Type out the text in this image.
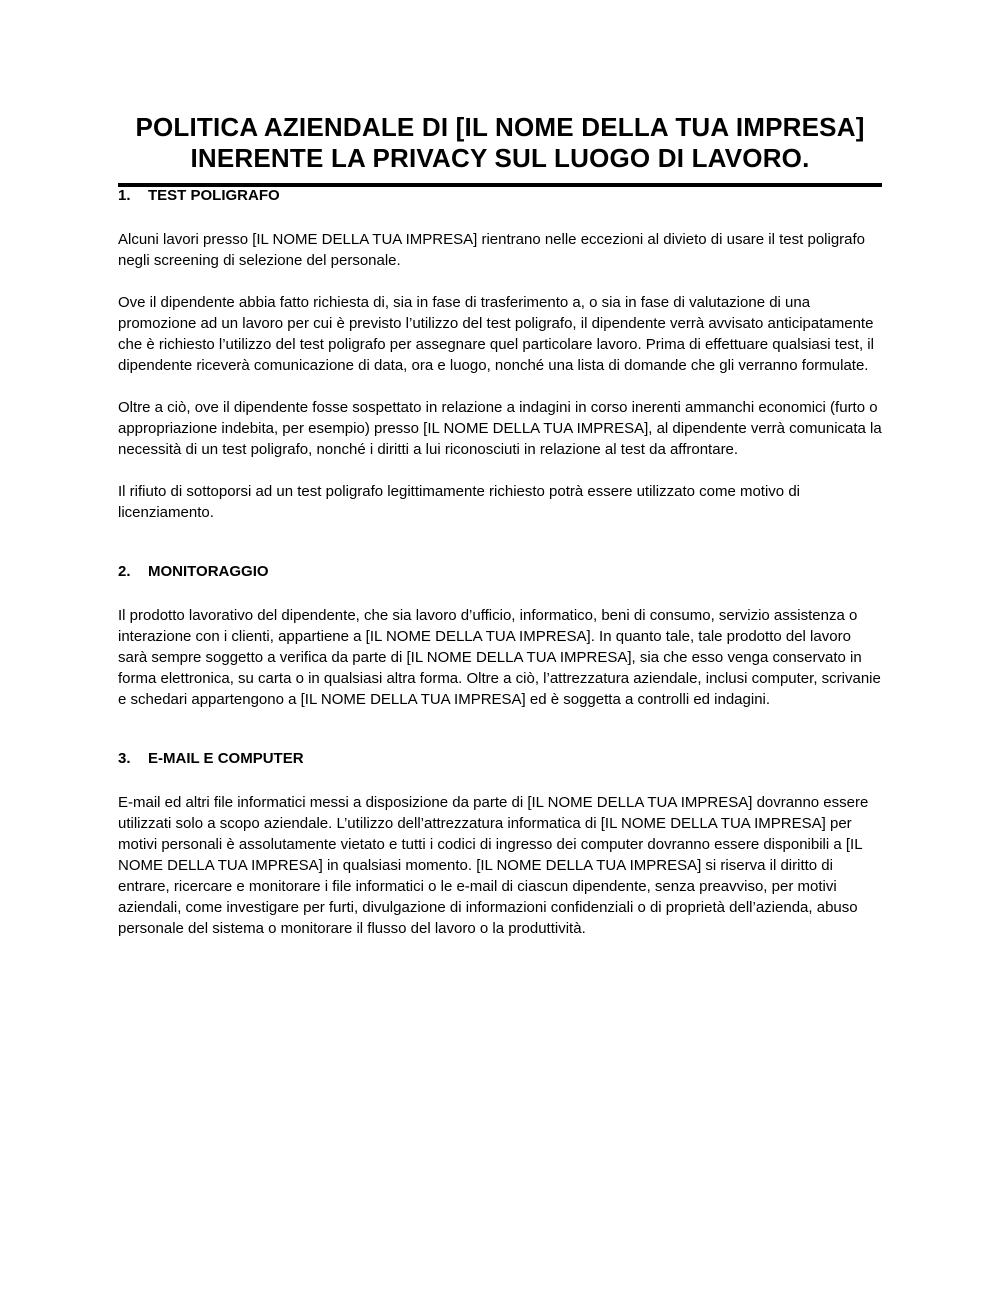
POLITICA AZIENDALE DI [IL NOME DELLA TUA IMPRESA]
INERENTE LA PRIVACY SUL LUOGO DI LAVORO.
1. TEST POLIGRAFO

Alcuni lavori presso [IL NOME DELLA TUA IMPRESA] rientrano nelle eccezioni al divieto di usare il test poligrafo negli screening di selezione del personale.

Ove il dipendente abbia fatto richiesta di, sia in fase di trasferimento a, o sia in fase di valutazione di una promozione ad un lavoro per cui è previsto l’utilizzo del test poligrafo, il dipendente verrà avvisato anticipatamente che è richiesto l’utilizzo del test poligrafo per assegnare quel particolare lavoro. Prima di effettuare qualsiasi test, il dipendente riceverà comunicazione di data, ora e luogo, nonché una lista di domande che gli verranno formulate.

Oltre a ciò, ove il dipendente fosse sospettato in relazione a indagini in corso inerenti ammanchi economici (furto o appropriazione indebita, per esempio) presso [IL NOME DELLA TUA IMPRESA], al dipendente verrà comunicata la necessità di un test poligrafo, nonché i diritti a lui riconosciuti in relazione al test da affrontare.

Il rifiuto di sottoporsi ad un test poligrafo legittimamente richiesto potrà essere utilizzato come motivo di licenziamento.

2. MONITORAGGIO

Il prodotto lavorativo del dipendente, che sia lavoro d’ufficio, informatico, beni di consumo, servizio assistenza o interazione con i clienti, appartiene a [IL NOME DELLA TUA IMPRESA]. In quanto tale, tale prodotto del lavoro sarà sempre soggetto a verifica da parte di [IL NOME DELLA TUA IMPRESA], sia che esso venga conservato in forma elettronica, su carta o in qualsiasi altra forma. Oltre a ciò, l’attrezzatura aziendale, inclusi computer, scrivanie e schedari appartengono a [IL NOME DELLA TUA IMPRESA] ed è soggetta a controlli ed indagini.

3. E-MAIL E COMPUTER

E-mail ed altri file informatici messi a disposizione da parte di [IL NOME DELLA TUA IMPRESA] dovranno essere utilizzati solo a scopo aziendale. L’utilizzo dell’attrezzatura informatica di [IL NOME DELLA TUA IMPRESA] per motivi personali è assolutamente vietato e tutti i codici di ingresso dei computer dovranno essere disponibili a [IL NOME DELLA TUA IMPRESA] in qualsiasi momento. [IL NOME DELLA TUA IMPRESA] si riserva il diritto di entrare, ricercare e monitorare i file informatici o le e-mail di ciascun dipendente, senza preavviso, per motivi aziendali, come investigare per furti, divulgazione di informazioni confidenziali o di proprietà dell’azienda, abuso personale del sistema o monitorare il flusso del lavoro o la produttività.
